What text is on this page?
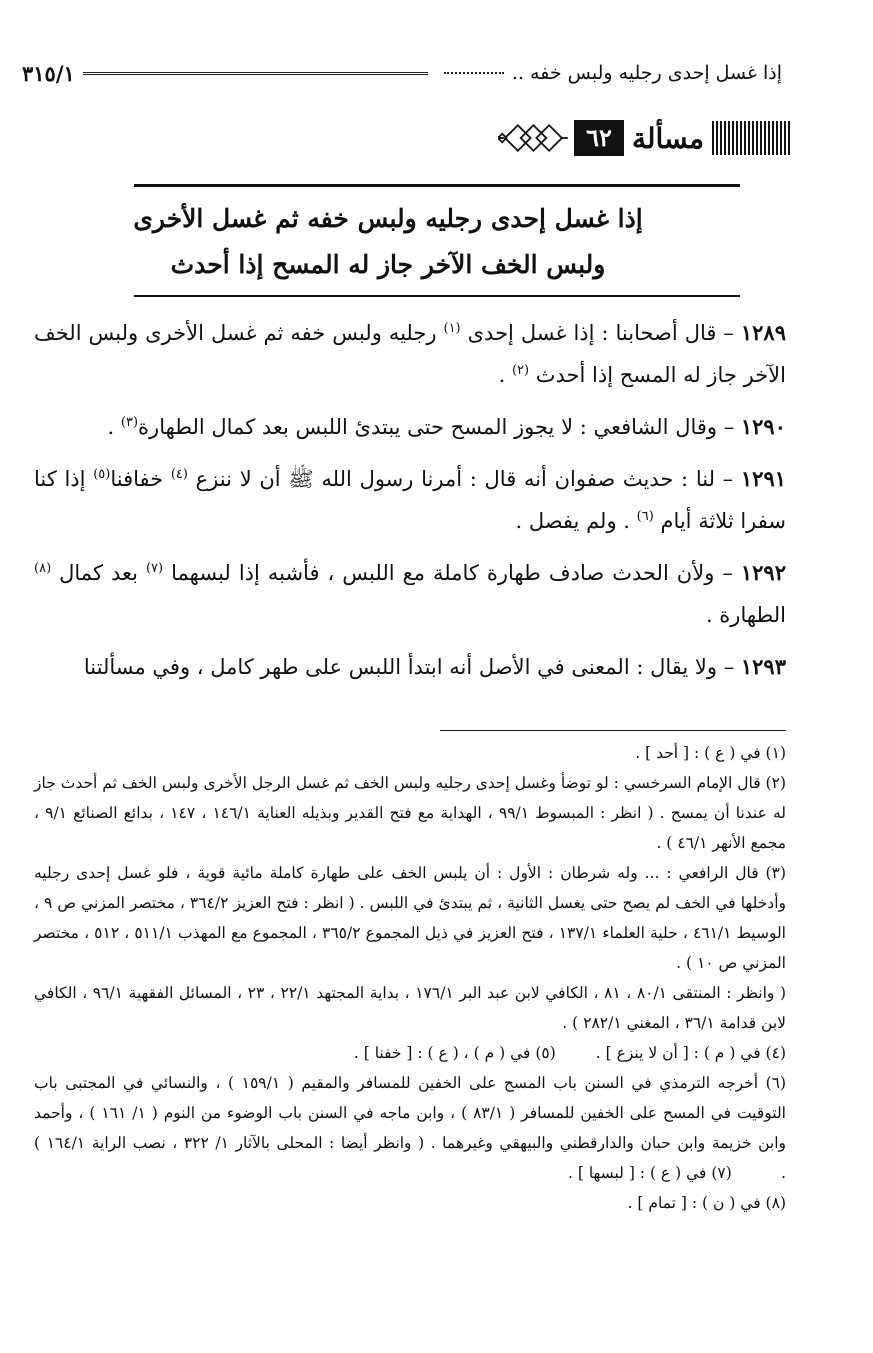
إذا غسل إحدى رجليه ولبس خفه ..
٣١٥/١
مسألة
٦٢
إذا غسل إحدى رجليه ولبس خفه ثم غسل الأخرى
ولبس الخف الآخر جاز له المسح إذا أحدث

١٢٨٩ – قال أصحابنا : إذا غسل إحدى $^{(١)}$ رجليه ولبس خفه ثم غسل الأخرى ولبس الخف الآخر جاز له المسح إذا أحدث $^{(٢)}$ .

١٢٩٠ – وقال الشافعي : لا يجوز المسح حتى يبتدئ اللبس بعد كمال الطهارة$^{(٣)}$ .

١٢٩١ – لنا : حديث صفوان أنه قال : أمرنا رسول الله ﷺ أن لا ننزع $^{(٤)}$ خفافنا$^{(٥)}$ إذا كنا سفرا ثلاثة أيام $^{(٦)}$ . ولم يفصل .

١٢٩٢ – ولأن الحدث صادف طهارة كاملة مع اللبس ، فأشبه إذا لبسهما $^{(٧)}$ بعد كمال $^{(٨)}$ الطهارة .

١٢٩٣ – ولا يقال : المعنى في الأصل أنه ابتدأ اللبس على طهر كامل ، وفي مسألتنا

(١) في ( ع ) : [ أحد ] .

(٢) قال الإمام السرخسي : لو توضأ وغسل إحدى رجليه ولبس الخف ثم غسل الرجل الأخرى ولبس الخف ثم أحدث جاز له عندنا أن يمسح . ( انظر : المبسوط ٩٩/١ ، الهداية مع فتح القدير وبذيله العناية ١٤٦/١ ، ١٤٧ ، بدائع الصنائع ٩/١ ، مجمع الأنهر ٤٦/١ ) .

(٣) قال الرافعي : ... وله شرطان : الأول : أن يلبس الخف على طهارة كاملة مائية قوية ، فلو غسل إحدى رجليه وأدخلها في الخف لم يصح حتى يغسل الثانية ، ثم يبتدئ في اللبس . ( انظر : فتح العزيز ٣٦٤/٢ ، مختصر المزني ص ٩ ، الوسيط ٤٦١/١ ، حلية العلماء ١٣٧/١ ، فتح العزيز في ذيل المجموع ٣٦٥/٢ ، المجموع مع المهذب ٥١١/١ ، ٥١٢ ، مختصر المزني ص ١٠ ) .

( وانظر : المنتقى ٨٠/١ ، ٨١ ، الكافي لابن عبد البر ١٧٦/١ ، بداية المجتهد ٢٢/١ ، ٢٣ ، المسائل الفقهية ٩٦/١ ، الكافي لابن قدامة ٣٦/١ ، المغني ٢٨٢/١ ) .

(٤) في ( م ) : [ أن لا ينزع ] .
(٥) في ( م ) ، ( ع ) : [ خفنا ] .

(٦) أخرجه الترمذي في السنن باب المسح على الخفين للمسافر والمقيم ( ١٥٩/١ ) ، والنسائي في المجتبى باب التوقيت في المسح على الخفين للمسافر ( ٨٣/١ ) ، وابن ماجه في السنن باب الوضوء من النوم ( ١/ ١٦١ ) ، وأحمد وابن خزيمة وابن حبان والدارقطني والبيهقي وغيرهما . ( وانظر أيضا : المحلى بالآثار ١/ ٣٢٢ ، نصب الراية ١٦٤/١ ) .          (٧) في ( ع ) : [ لبسها ] .

(٨) في ( ن ) : [ تمام ] .
